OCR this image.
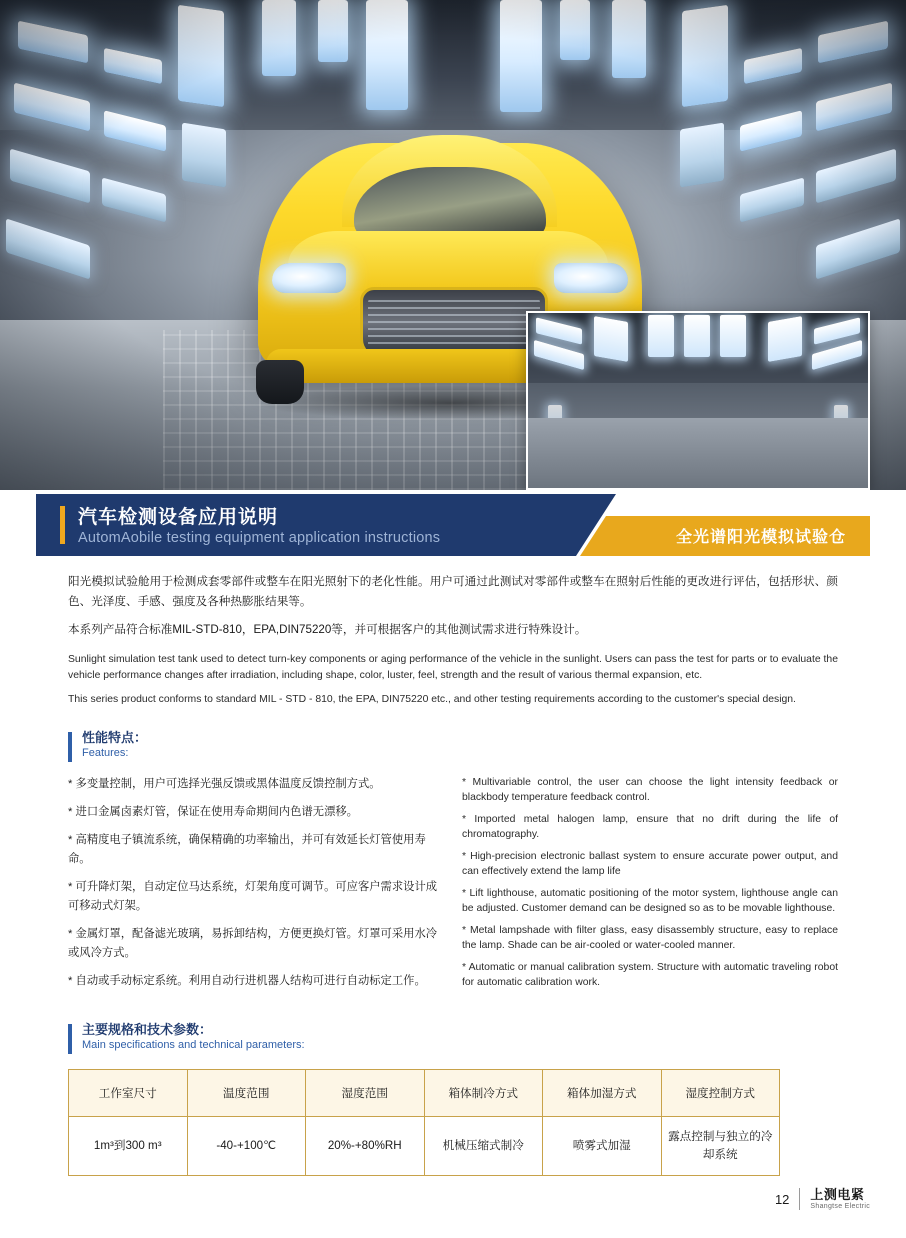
汽车检测设备应用说明
AutomAobile testing equipment application instructions	全光谱阳光模拟试验仓
阳光模拟试验舱用于检测成套零部件或整车在阳光照射下的老化性能。用户可通过此测试对零部件或整车在照射后性能的更改进行评估，包括形状、颜色、光泽度、手感、强度及各种热膨胀结果等。
本系列产品符合标准MIL-STD-810，EPA,DIN75220等，并可根据客户的其他测试需求进行特殊设计。
Sunlight simulation test tank used to detect turn-key components or aging performance of the vehicle in the sunlight. Users can pass the test for parts or to evaluate the vehicle performance changes after irradiation, including shape, color, luster, feel, strength and the result of various thermal expansion, etc.
This series product conforms to standard MIL - STD - 810, the EPA, DIN75220 etc., and other testing requirements according to the customer's special design.
性能特点：
Features:
* 多变量控制，用户可选择光强反馈或黑体温度反馈控制方式。
* 进口金属卤素灯管，保证在使用寿命期间内色谱无漂移。
* 高精度电子镇流系统，确保精确的功率输出，并可有效延长灯管使用寿命。
* 可升降灯架，自动定位马达系统，灯架角度可调节。可应客户需求设计成可移动式灯架。
* 金属灯罩，配备滤光玻璃，易拆卸结构，方便更换灯管。灯罩可采用水冷或风冷方式。
* 自动或手动标定系统。利用自动行进机器人结构可进行自动标定工作。
* Multivariable control, the user can choose the light intensity feedback or blackbody temperature feedback control.
* Imported metal halogen lamp, ensure that no drift during the life of chromatography.
* High-precision electronic ballast system to ensure accurate power output, and can effectively extend the lamp life
* Lift lighthouse, automatic positioning of the motor system, lighthouse angle can be adjusted. Customer demand can be designed so as to be movable lighthouse.
* Metal lampshade with filter glass, easy disassembly structure, easy to replace the lamp. Shade can be air-cooled or water-cooled manner.
* Automatic or manual calibration system. Structure with automatic traveling robot for automatic calibration work.
主要规格和技术参数：
Main specifications and technical parameters:
工作室尺寸	温度范围	湿度范围	箱体制冷方式	箱体加湿方式	湿度控制方式
1m³到300 m³	-40-+100℃	20%-+80%RH	机械压缩式制冷	喷雾式加湿	露点控制与独立的冷却系统
12 上测电紧
Shangtse Electric
